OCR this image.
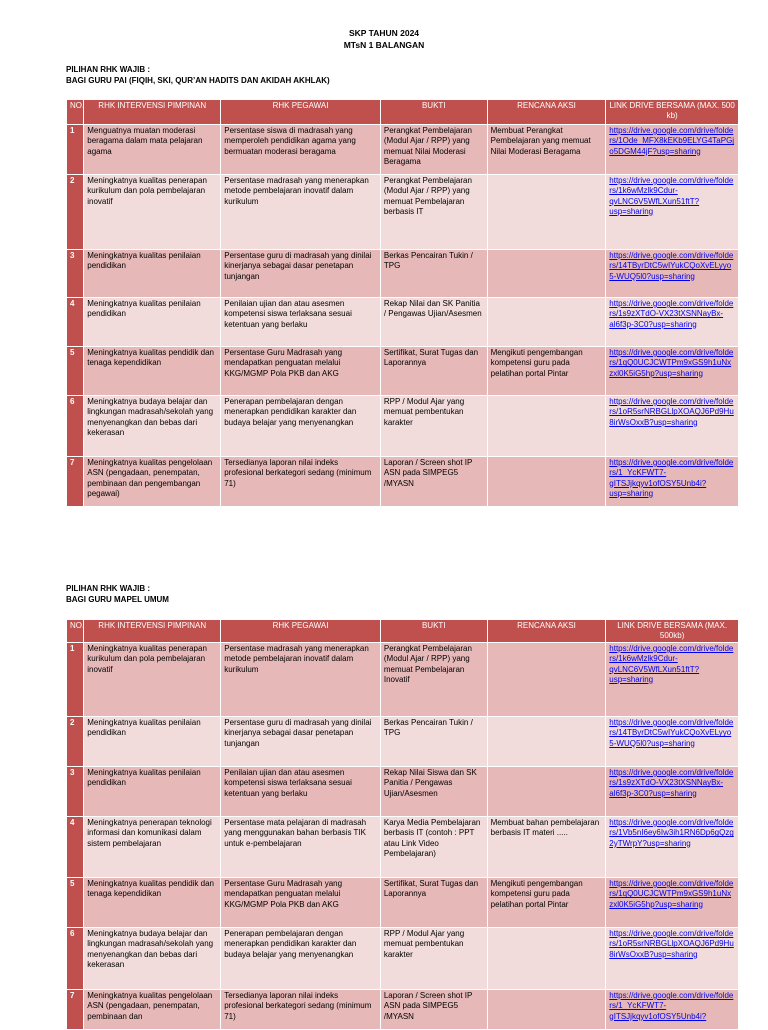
SKP TAHUN 2024
MTsN 1 BALANGAN
PILIHAN RHK WAJIB :
BAGI GURU PAI (FIQIH, SKI, QUR’AN HADITS DAN AKIDAH AKHLAK)
NO.	RHK INTERVENSI PIMPINAN	RHK PEGAWAI	BUKTI	RENCANA AKSI	LINK DRIVE BERSAMA (MAX. 500 kb)
1	Menguatnya muatan moderasi beragama dalam mata pelajaran agama	Persentase siswa di madrasah yang memperoleh pendidikan agama yang bermuatan moderasi beragama	Perangkat Pembelajaran (Modul Ajar / RPP) yang memuat Nilai Moderasi Beragama	Membuat Perangkat Pembelajaran yang memuat Nilai Moderasi Beragama	https://drive.google.com/drive/folders/1Ode_MFX8kEKb9ELYG4TaPGjo5DGM44jF?usp=sharing
2	Meningkatnya kualitas penerapan kurikulum dan pola pembelajaran inovatif	Persentase madrasah yang menerapkan metode pembelajaran inovatif dalam kurikulum	Perangkat Pembelajaran (Modul Ajar / RPP) yang memuat Pembelajaran berbasis IT		https://drive.google.com/drive/folders/1k6wMzlk9Cdur-qvLNC6V5WfLXun51ftT?usp=sharing
3	Meningkatnya kualitas penilaian pendidikan	Persentase guru di madrasah yang dinilai kinerjanya sebagai dasar penetapan tunjangan	Berkas Pencairan Tukin / TPG		https://drive.google.com/drive/folders/14TByrDtC5wIYukCQoXvELyyo5-WUQ5l0?usp=sharing
4	Meningkatnya kualitas penilaian pendidikan	Penilaian ujian dan atau asesmen kompetensi siswa terlaksana sesuai ketentuan yang berlaku	Rekap Nilai dan SK Panitia / Pengawas Ujian/Asesmen		https://drive.google.com/drive/folders/1s9zXTdO-VX23tXSNNayBx-al6f3p-3C0?usp=sharing
5	Meningkatnya kualitas pendidik dan tenaga kependidikan	Persentase Guru Madrasah yang mendapatkan penguatan melalui KKG/MGMP Pola PKB dan AKG	Sertifikat, Surat Tugas dan Laporannya	Mengikuti pengembangan kompetensi guru pada pelatihan portal Pintar	https://drive.google.com/drive/folders/1qQ0UCJCWTPm9xGS9h1uNxzxl0K5iG5hp?usp=sharing
6	Meningkatnya budaya belajar dan lingkungan madrasah/sekolah yang menyenangkan dan bebas dari kekerasan	Penerapan pembelajaran dengan menerapkan pendidikan karakter dan budaya belajar yang menyenangkan	RPP / Modul Ajar yang memuat pembentukan karakter		https://drive.google.com/drive/folders/1oR5srNRBGLlpXOAQJ6Pd9Hu8irWsOxxB?usp=sharing
7	Meningkatnya kualitas pengelolaan ASN (pengadaan, penempatan, pembinaan dan pengembangan pegawai)	Tersedianya laporan nilai indeks profesional berkategori sedang (minimum 71)	Laporan / Screen shot IP ASN pada SIMPEG5 /MYASN		https://drive.google.com/drive/folders/1_YcKFWT7-gITSJjkqyv1ofOSY5Unb4i?usp=sharing
PILIHAN RHK WAJIB :
BAGI GURU MAPEL UMUM
NO.	RHK INTERVENSI PIMPINAN	RHK PEGAWAI	BUKTI	RENCANA AKSI	LINK DRIVE BERSAMA (MAX. 500kb)
1	Meningkatnya kualitas penerapan kurikulum dan pola pembelajaran inovatif	Persentase madrasah yang menerapkan metode pembelajaran inovatif dalam kurikulum	Perangkat Pembelajaran (Modul Ajar / RPP) yang memuat Pembelajaran Inovatif		https://drive.google.com/drive/folders/1k6wMzlk9Cdur-qvLNC6V5WfLXun51ftT?usp=sharing
2	Meningkatnya kualitas penilaian pendidikan	Persentase guru di madrasah yang dinilai kinerjanya sebagai dasar penetapan tunjangan	Berkas Pencairan Tukin / TPG		https://drive.google.com/drive/folders/14TByrDtC5wIYukCQoXvELyyo5-WUQ5l0?usp=sharing
3	Meningkatnya kualitas penilaian pendidikan	Penilaian ujian dan atau asesmen kompetensi siswa terlaksana sesuai ketentuan yang berlaku	Rekap Nilai Siswa dan SK Panitia / Pengawas Ujian/Asesmen		https://drive.google.com/drive/folders/1s9zXTdO-VX23tXSNNayBx-al6f3p-3C0?usp=sharing
4	Meningkatnya penerapan teknologi informasi dan komunikasi dalam sistem pembelajaran	Persentase mata pelajaran di madrasah yang menggunakan bahan berbasis TIK untuk e-pembelajaran	Karya Media Pembelajaran berbasis IT (contoh : PPT atau Link Video Pembelajaran)	Membuat bahan pembelajaran berbasis IT materi .....	https://drive.google.com/drive/folders/1Vb5nI6ey6Iw3ih1RN6Dp6gQzg2yTWrpY?usp=sharing
5	Meningkatnya kualitas pendidik dan tenaga kependidikan	Persentase Guru Madrasah yang mendapatkan penguatan melalui KKG/MGMP Pola PKB dan AKG	Sertifikat, Surat Tugas dan Laporannya	Mengikuti pengembangan kompetensi guru pada pelatihan portal Pintar	https://drive.google.com/drive/folders/1qQ0UCJCWTPm9xGS9h1uNxzxl0K5iG5hp?usp=sharing
6	Meningkatnya budaya belajar dan lingkungan madrasah/sekolah yang menyenangkan dan bebas dari kekerasan	Penerapan pembelajaran dengan menerapkan pendidikan karakter dan budaya belajar yang menyenangkan	RPP / Modul Ajar yang memuat pembentukan karakter		https://drive.google.com/drive/folders/1oR5srNRBGLlpXOAQJ6Pd9Hu8irWsOxxB?usp=sharing
7	Meningkatnya kualitas pengelolaan ASN (pengadaan, penempatan, pembinaan dan	Tersedianya laporan nilai indeks profesional berkategori sedang (minimum 71)	Laporan / Screen shot IP ASN pada SIMPEG5 /MYASN		https://drive.google.com/drive/folders/1_YcKFWT7-gITSJjkqyv1ofOSY5Unb4i?
